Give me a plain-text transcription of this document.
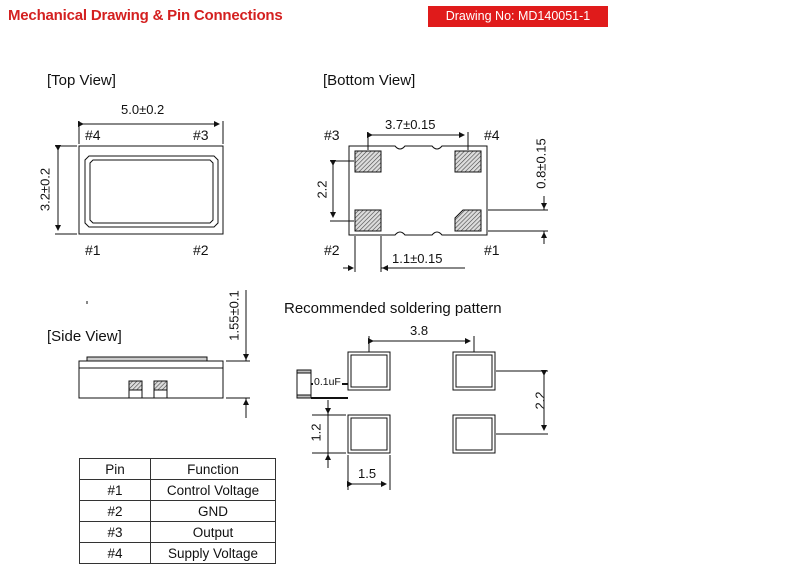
Mechanical Drawing & Pin Connections	Drawing No: MD140051-1
[Top View]
5.0±0.2
3.2±0.2
#4	#3
#1	#2
[Bottom View]
3.7±0.15
#3	#4
#2	#1
2.2
0.8±0.15
1.1±0.15
[Side View]	1.55±0.1	Recommended soldering pattern
3.8
2.2
1.2
1.5
0.1uF
Pin	Function
#1	Control Voltage
#2	GND
#3	Output
#4	Supply Voltage
